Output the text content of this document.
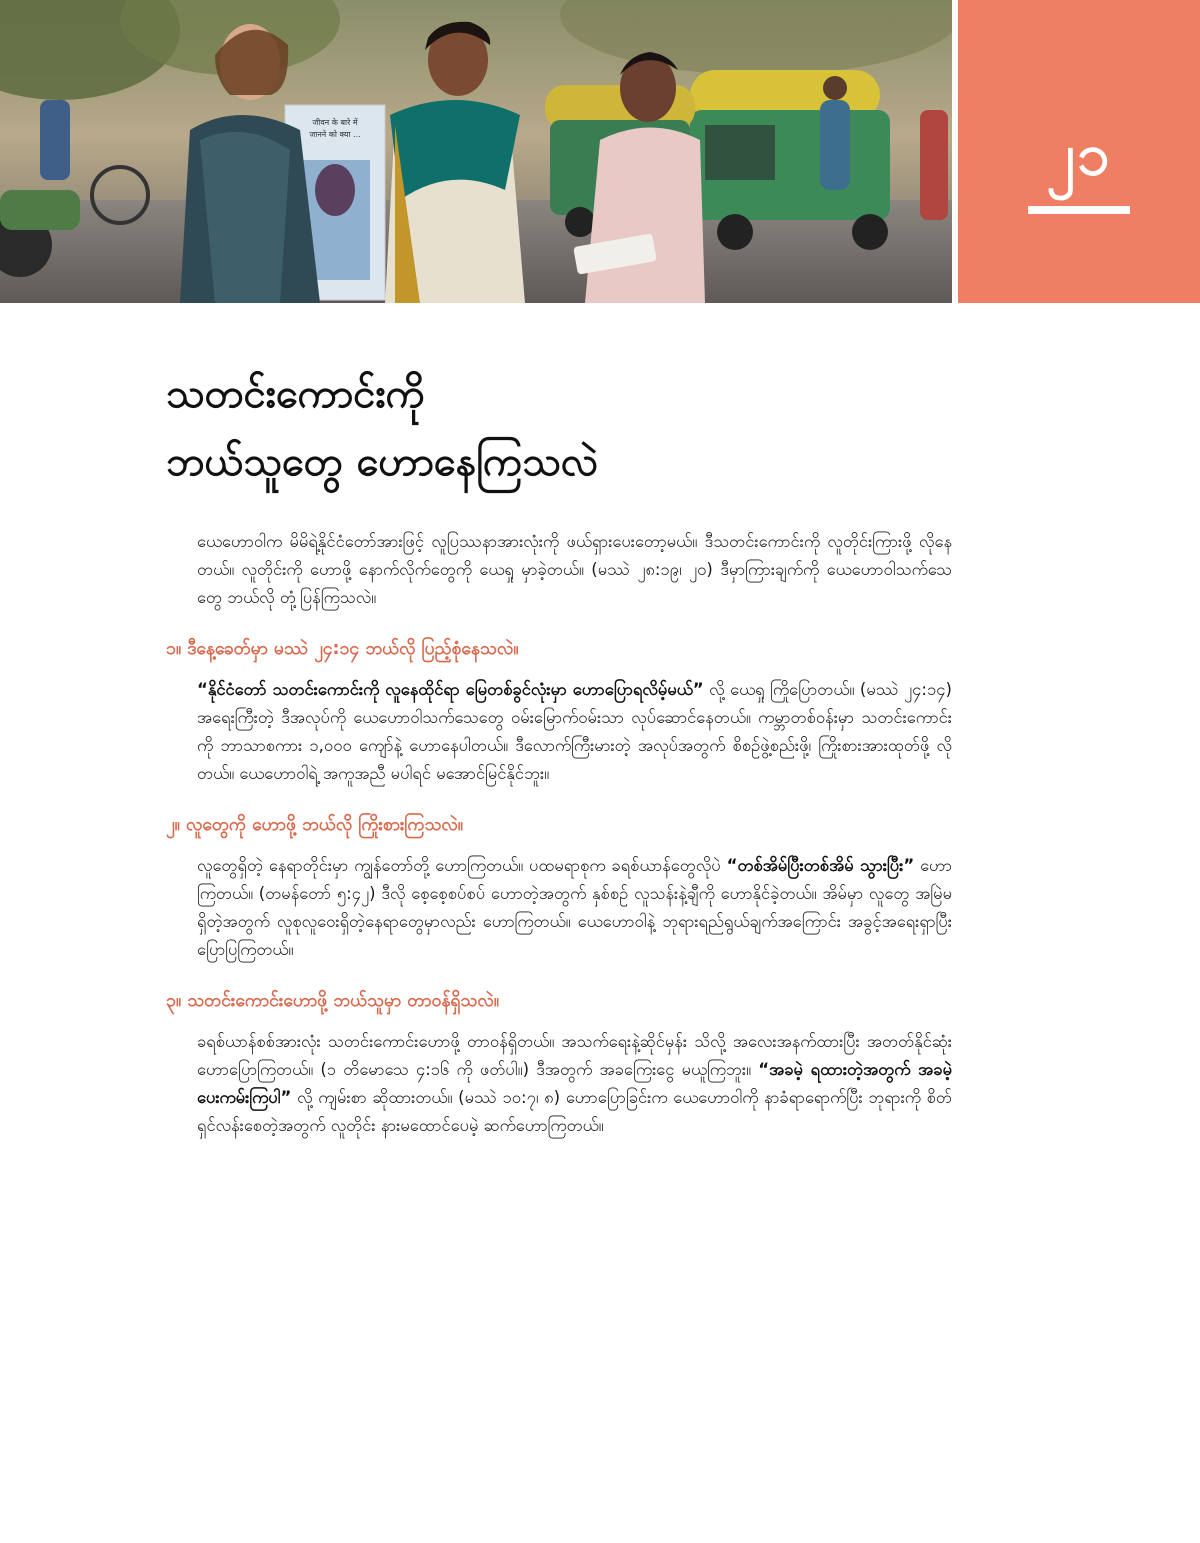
जीवन के बारे में
जानने को क्या ...	၂၁
သတင်းကောင်းကို
ဘယ်သူတွေ ဟောနေကြသလဲ

ယေဟောဝါက မိမိရဲ့နိုင်ငံတော်အားဖြင့် လူပြဿနာအားလုံးကို ဖယ်ရှားပေးတော့မယ်။ ဒီသတင်းကောင်းကို လူတိုင်းကြားဖို့ လိုနေတယ်။ လူတိုင်းကို ဟောဖို့ နောက်လိုက်တွေကို ယေရှု မှာခဲ့တယ်။ (မဿဲ ၂၈:၁၉၊ ၂၀) ဒီမှာကြားချက်ကို ယေဟောဝါသက်သေတွေ ဘယ်လို တုံ့ပြန်ကြသလဲ။

၁။ ဒီနေ့ခေတ်မှာ မဿဲ ၂၄:၁၄ ဘယ်လို ပြည့်စုံနေသလဲ။

“နိုင်ငံတော် သတင်းကောင်းကို လူနေထိုင်ရာ မြေတစ်ခွင်လုံးမှာ ဟောပြောရလိမ့်မယ်” လို့ ယေရှု ကြိုပြောတယ်။ (မဿဲ ၂၄:၁၄) အရေးကြီးတဲ့ ဒီအလုပ်ကို ယေဟောဝါသက်သေတွေ ဝမ်းမြောက်ဝမ်းသာ လုပ်ဆောင်နေတယ်။ ကမ္ဘာတစ်ဝန်းမှာ သတင်းကောင်းကို ဘာသာစကား ၁,၀၀၀ ကျော်နဲ့ ဟောနေပါတယ်။ ဒီလောက်ကြီးမားတဲ့ အလုပ်အတွက် စိစဉ်ဖွဲ့စည်းဖို့၊ ကြိုးစားအားထုတ်ဖို့ လိုတယ်။ ယေဟောဝါရဲ့ အကူအညီ မပါရင် မအောင်မြင်နိုင်ဘူး။

၂။ လူတွေကို ဟောဖို့ ဘယ်လို ကြိုးစားကြသလဲ။

လူတွေရှိတဲ့ နေရာတိုင်းမှာ ကျွန်တော်တို့ ဟောကြတယ်။ ပထမရာစုက ခရစ်ယာန်တွေလိုပဲ “တစ်အိမ်ပြီးတစ်အိမ် သွားပြီး” ဟောကြတယ်။ (တမန်တော် ၅:၄၂) ဒီလို စေ့စေ့စပ်စပ် ဟောတဲ့အတွက် နှစ်စဉ် လူသန်းနဲ့ချီကို ဟောနိုင်ခဲ့တယ်။ အိမ်မှာ လူတွေ အမြဲမရှိတဲ့အတွက် လူစုလူဝေးရှိတဲ့နေရာတွေမှာလည်း ဟောကြတယ်။ ယေဟောဝါနဲ့ ဘုရားရည်ရွယ်ချက်အကြောင်း အခွင့်အရေးရှာပြီး ပြောပြကြတယ်။

၃။ သတင်းကောင်းဟောဖို့ ဘယ်သူမှာ တာဝန်ရှိသလဲ။

ခရစ်ယာန်စစ်အားလုံး သတင်းကောင်းဟောဖို့ တာဝန်ရှိတယ်။ အသက်ရေးနဲ့ဆိုင်မှန်း သိလို့ အလေးအနက်ထားပြီး အတတ်နိုင်ဆုံး ဟောပြောကြတယ်။ (၁ တိမောသေ ၄:၁၆ ကို ဖတ်ပါ။) ဒီအတွက် အခကြေးငွေ မယူကြဘူး။ “အခမဲ့ ရထားတဲ့အတွက် အခမဲ့ ပေးကမ်းကြပါ” လို့ ကျမ်းစာ ဆိုထားတယ်။ (မဿဲ ၁၀:၇၊ ၈) ဟောပြောခြင်းက ယေဟောဝါကို နာခံရာရောက်ပြီး ဘုရားကို စိတ်ရှင်လန်းစေတဲ့အတွက် လူတိုင်း နားမထောင်ပေမဲ့ ဆက်ဟောကြတယ်။
